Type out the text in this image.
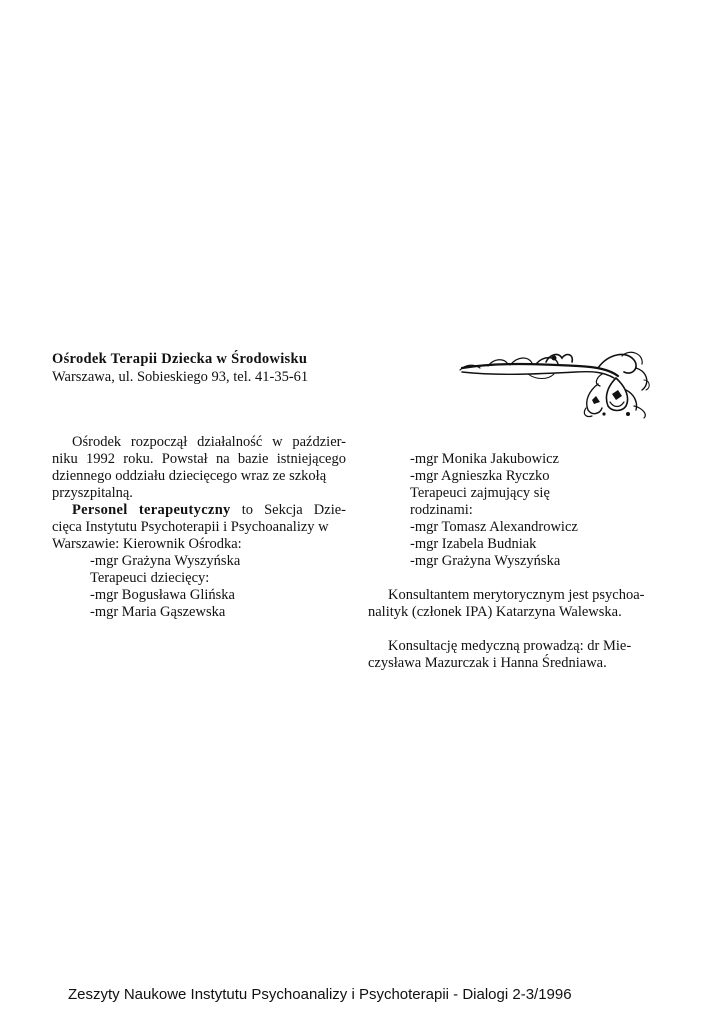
Ośrodek Terapii Dziecka w Środowisku
Warszawa, ul. Sobieskiego 93, tel. 41-35-61

Ośrodek rozpoczął działalność w paździer- niku 1992 roku. Powstał na bazie istniejącego dziennego oddziału dziecięcego wraz ze szkołą

przyszpitalną.

Personel terapeutyczny to Sekcja Dzie- cięca Instytutu Psychoterapii i Psychoanalizy w

Warszawie: Kierownik Ośrodka:
-mgr Grażyna Wyszyńska
Terapeuci dziecięcy:
-mgr Bogusława Glińska
-mgr Maria Gąszewska
-mgr Monika Jakubowicz
-mgr Agnieszka Ryczko
Terapeuci zajmujący się
rodzinami:
-mgr Tomasz Alexandrowicz
-mgr Izabela Budniak
-mgr Grażyna Wyszyńska

Konsultantem merytorycznym jest psychoa-

nalityk (członek IPA) Katarzyna Walewska.

Konsultację medyczną prowadzą: dr Mie-

czysława Mazurczak i Hanna Średniawa.
Zeszyty Naukowe Instytutu Psychoanalizy i Psychoterapii - Dialogi 2-3/1996
